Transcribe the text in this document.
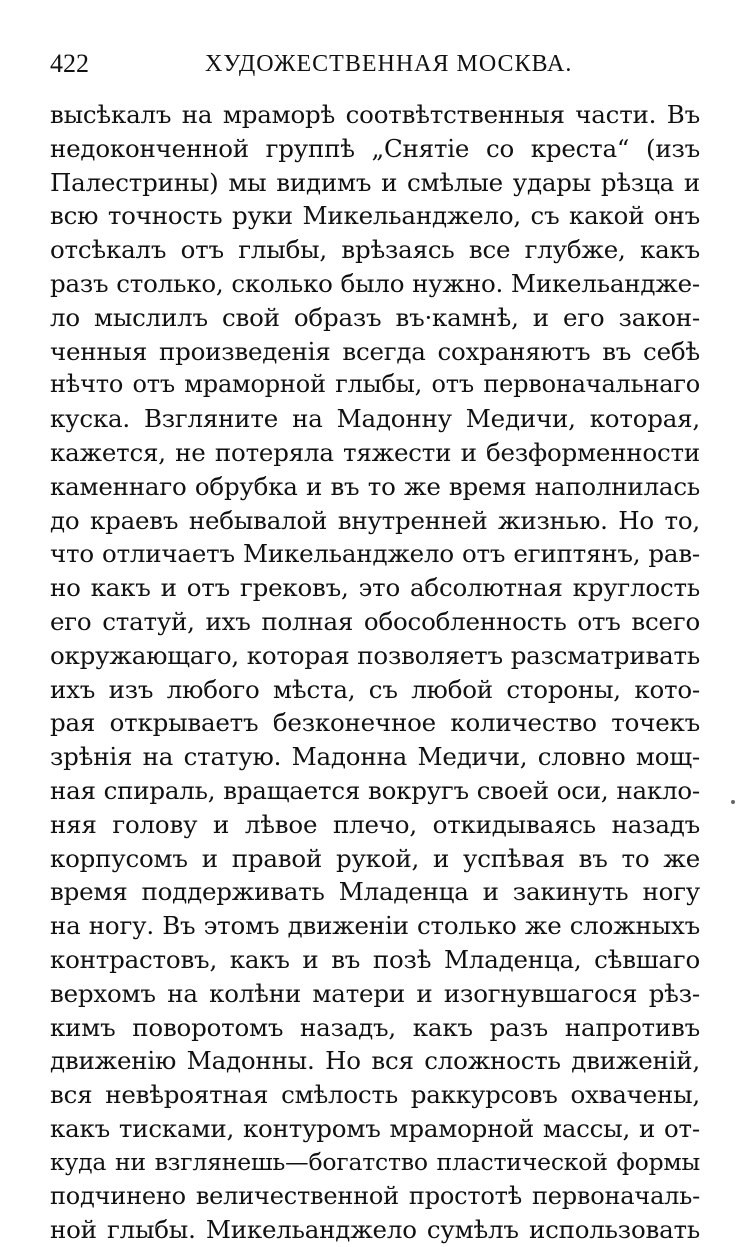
422	ХУДОЖЕСТВЕННАЯ МОСКВА.
высѣкалъ на мраморѣ соотвѣтственныя части. Въ
недоконченной группѣ „Снятіе со креста“ (изъ
Палестрины) мы видимъ и смѣлые удары рѣзца и
всю точность руки Микельанджело, съ какой онъ
отсѣкалъ отъ глыбы, врѣзаясь все глубже, какъ
разъ столько, сколько было нужно. Микельандже-
ло мыслилъ свой образъ въ·камнѣ, и его закон-
ченныя произведенія всегда сохраняютъ въ себѣ
нѣчто отъ мраморной глыбы, отъ первоначальнаго
куска. Взгляните на Мадонну Медичи, которая,
кажется, не потеряла тяжести и безформенности
каменнаго обрубка и въ то же время наполнилась
до краевъ небывалой внутренней жизнью. Но то,
что отличаетъ Микельанджело отъ египтянъ, рав-
но какъ и отъ грековъ, это абсолютная круглость
его статуй, ихъ полная обособленность отъ всего
окружающаго, которая позволяетъ разсматривать
ихъ изъ любого мѣста, съ любой стороны, кото-
рая открываетъ безконечное количество точекъ
зрѣнія на статую. Мадонна Медичи, словно мощ-
ная спираль, вращается вокругъ своей оси, накло-
няя голову и лѣвое плечо, откидываясь назадъ
корпусомъ и правой рукой, и успѣвая въ то же
время поддерживать Младенца и закинуть ногу
на ногу. Въ этомъ движеніи столько же сложныхъ
контрастовъ, какъ и въ позѣ Младенца, сѣвшаго
верхомъ на колѣни матери и изогнувшагося рѣз-
кимъ поворотомъ назадъ, какъ разъ напротивъ
движенію Мадонны. Но вся сложность движеній,
вся невѣроятная смѣлость раккурсовъ охвачены,
какъ тисками, контуромъ мраморной массы, и от-
куда ни взглянешь—богатство пластической формы
подчинено величественной простотѣ первоначаль-
ной глыбы. Микельанджело сумѣлъ использовать
